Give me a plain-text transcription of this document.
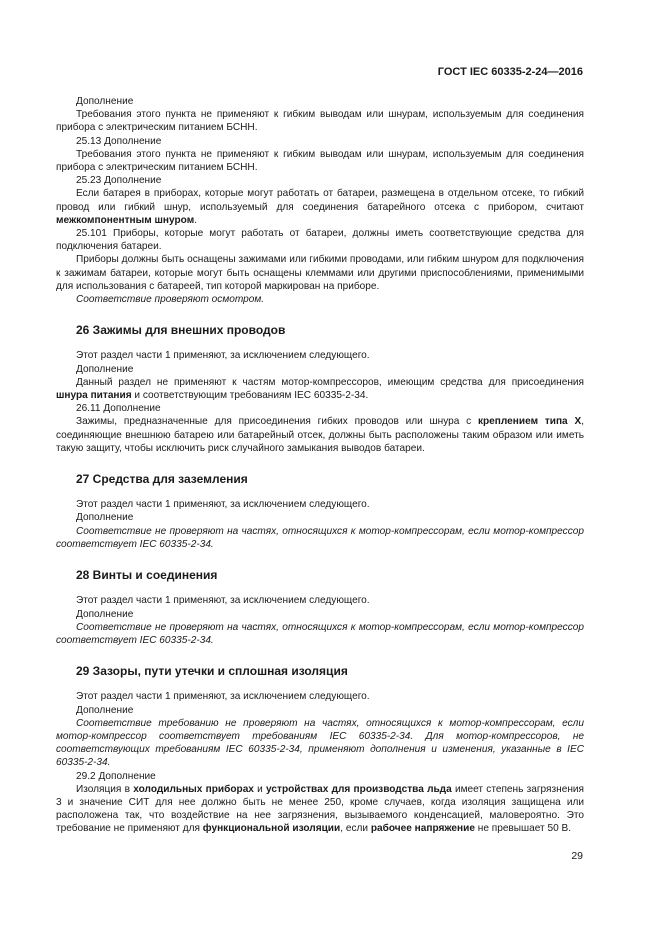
ГОСТ IEC 60335-2-24—2016

Дополнение

Требования этого пункта не применяют к гибким выводам или шнурам, используемым для соединения прибора с электрическим питанием БСНН.

25.13 Дополнение

Требования этого пункта не применяют к гибким выводам или шнурам, используемым для соединения прибора с электрическим питанием БСНН.

25.23 Дополнение

Если батарея в приборах, которые могут работать от батареи, размещена в отдельном отсеке, то гибкий провод или гибкий шнур, используемый для соединения батарейного отсека с прибором, считают межкомпонентным шнуром.

25.101 Приборы, которые могут работать от батареи, должны иметь соответствующие средства для подключения батареи.

Приборы должны быть оснащены зажимами или гибкими проводами, или гибким шнуром для подключения к зажимам батареи, которые могут быть оснащены клеммами или другими приспособлениями, применимыми для использования с батареей, тип которой маркирован на приборе.

Соответствие проверяют осмотром.

26 Зажимы для внешних проводов

Этот раздел части 1 применяют, за исключением следующего.

Дополнение

Данный раздел не применяют к частям мотор-компрессоров, имеющим средства для присоединения шнура питания и соответствующим требованиям IEC 60335-2-34.

26.11 Дополнение

Зажимы, предназначенные для присоединения гибких проводов или шнура с креплением типа X, соединяющие внешнюю батарею или батарейный отсек, должны быть расположены таким образом или иметь такую защиту, чтобы исключить риск случайного замыкания выводов батареи.

27 Средства для заземления

Этот раздел части 1 применяют, за исключением следующего.

Дополнение

Соответствие не проверяют на частях, относящихся к мотор-компрессорам, если мотор-компрессор соответствует IEC 60335-2-34.

28 Винты и соединения

Этот раздел части 1 применяют, за исключением следующего.

Дополнение

Соответствие не проверяют на частях, относящихся к мотор-компрессорам, если мотор-компрессор соответствует IEC 60335-2-34.

29 Зазоры, пути утечки и сплошная изоляция

Этот раздел части 1 применяют, за исключением следующего.

Дополнение

Соответствие требованию не проверяют на частях, относящихся к мотор-компрессорам, если мотор-компрессор соответствует требованиям IEC 60335-2-34. Для мотор-компрессоров, не соответствующих требованиям IEC 60335-2-34, применяют дополнения и изменения, указанные в IEC 60335-2-34.

29.2 Дополнение

Изоляция в холодильных приборах и устройствах для производства льда имеет степень загрязнения 3 и значение СИТ для нее должно быть не менее 250, кроме случаев, когда изоляция защищена или расположена так, что воздействие на нее загрязнения, вызываемого конденсацией, маловероятно. Это требование не применяют для функциональной изоляции, если рабочее напряжение не превышает 50 В.

29
